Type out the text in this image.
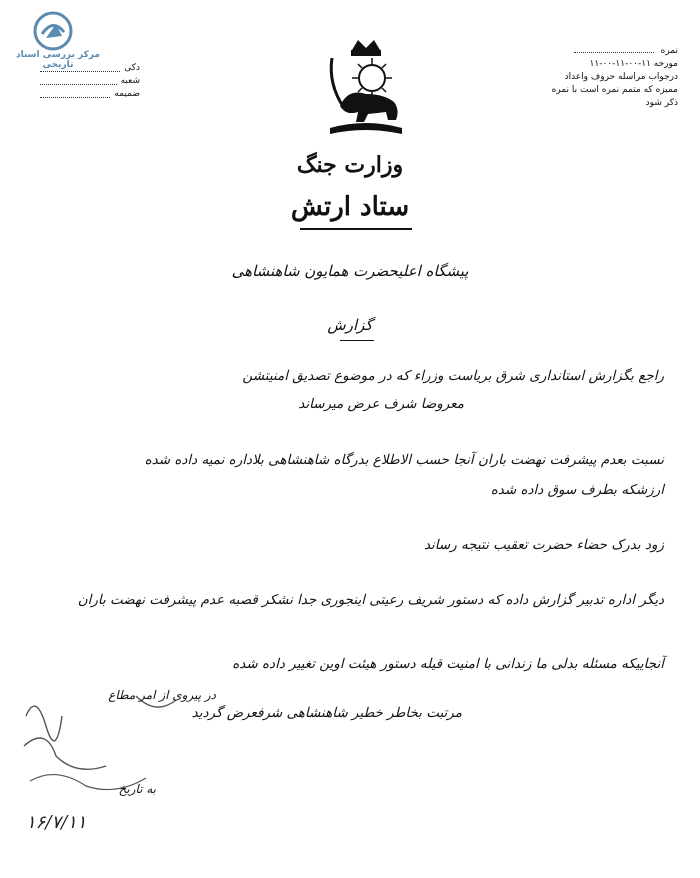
مرکز بررسی اسناد تاریخی	دکی
شعبه
ضمیمه
نمره
مورخه ۱۱-۰۰-۱۱-۰۰-۱۱
درجواب مراسله حروف واعداد
ممیزه که متمم نمره است با نمره
ذکر شود
وزارت جنگ
ستاد ارتش
پیشگاه اعلیحضرت همایون شاهنشاهی
گزارش
راجع بگزارش استانداری شرق بریاست وزراء که در موضوع تصدیق امنیتشن
معروضا شرف عرض میرساند
نسبت بعدم پیشرفت نهضت باران آنجا حسب الاطلاع بدرگاه شاهنشاهی بلاداره نمیه داده شده
ارزشکه بطرف سوق داده شده
زود بدرک حضاء حضرت تعقیب نتیجه رساند
دیگر اداره تدبیر گزارش داده که دستور شریف رعیتی اینجوری جدا نشکر قصبه عدم پیشرفت نهضت باران
آنجاییکه مسئله بدلی ما زندانی با امنیت قیله دستور هیئت اوین تغییر داده شده
مرتبت بخاطر خطیر شاهنشاهی شرفعرض گردید
در پیروی از امر مطاع
به تاریخ
۱۶/۷/۱۱
